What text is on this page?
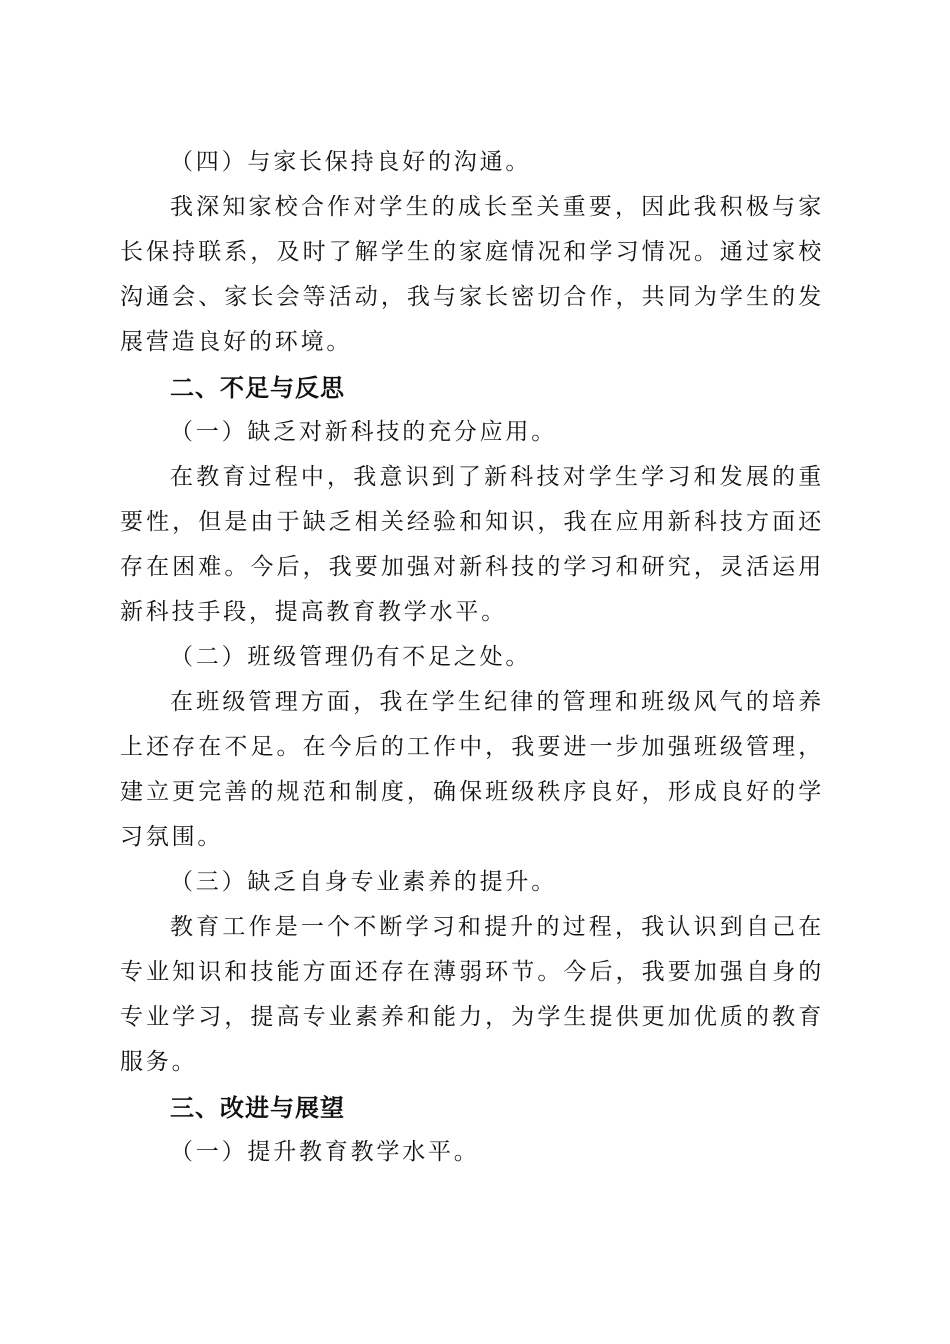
（四）与家长保持良好的沟通。

我深知家校合作对学生的成长至关重要，因此我积极与家长保持联系，及时了解学生的家庭情况和学习情况。通过家校沟通会、家长会等活动，我与家长密切合作，共同为学生的发展营造良好的环境。

二、不足与反思

（一）缺乏对新科技的充分应用。

在教育过程中，我意识到了新科技对学生学习和发展的重要性，但是由于缺乏相关经验和知识，我在应用新科技方面还存在困难。今后，我要加强对新科技的学习和研究，灵活运用新科技手段，提高教育教学水平。

（二）班级管理仍有不足之处。

在班级管理方面，我在学生纪律的管理和班级风气的培养上还存在不足。在今后的工作中，我要进一步加强班级管理，建立更完善的规范和制度，确保班级秩序良好，形成良好的学习氛围。

（三）缺乏自身专业素养的提升。

教育工作是一个不断学习和提升的过程，我认识到自己在专业知识和技能方面还存在薄弱环节。今后，我要加强自身的专业学习，提高专业素养和能力，为学生提供更加优质的教育服务。

三、改进与展望

（一）提升教育教学水平。
